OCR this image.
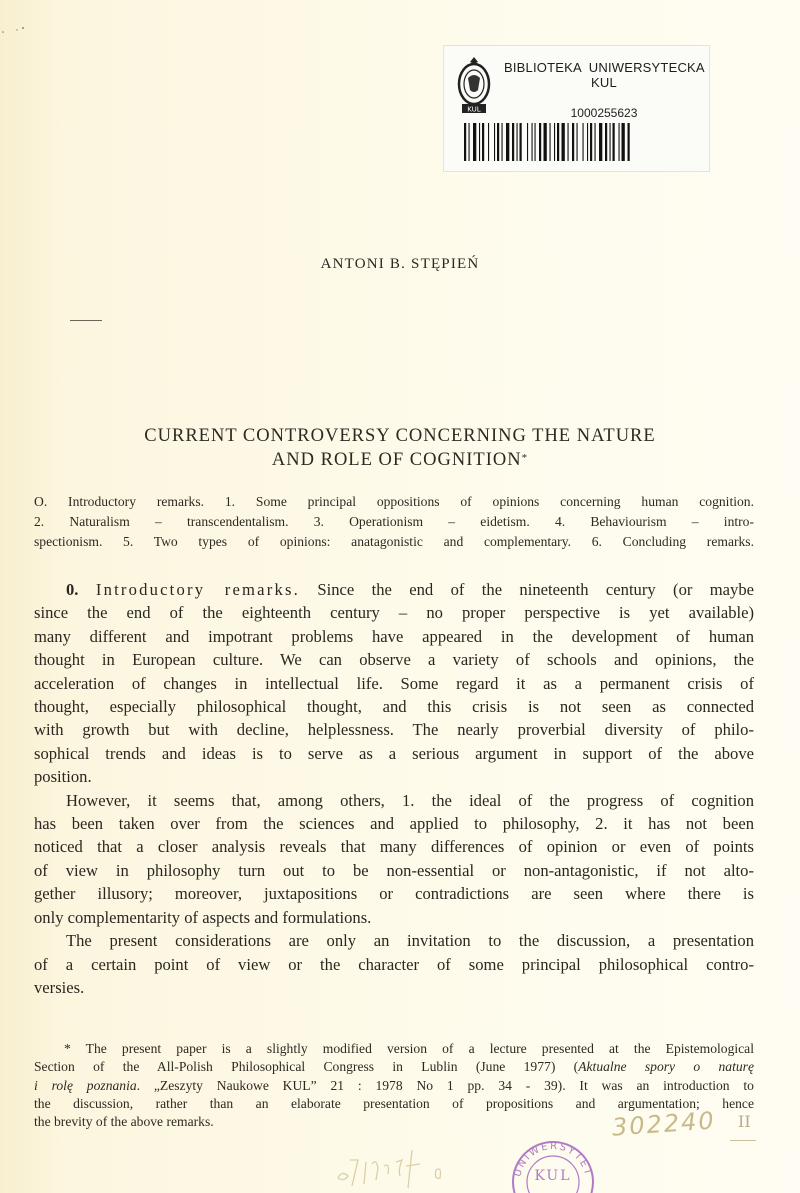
KUL
BIBLIOTEKA  UNIWERSYTECKA
KUL
1000255623
ANTONI B. STĘPIEŃ
CURRENT CONTROVERSY CONCERNING THE NATURE
AND ROLE OF COGNITION*
O. Introductory remarks. 1. Some principal oppositions of opinions concerning human cognition.
2. Naturalism – transcendentalism. 3. Operationism – eidetism. 4. Behaviourism – intro-
spectionism. 5. Two types of opinions: anatagonistic and complementary. 6. Concluding remarks.
0. Introductory remarks. Since the end of the nineteenth century (or maybe
since the end of the eighteenth century – no proper perspective is yet available)
many different and impotrant problems have appeared in the development of human
thought in European culture. We can observe a variety of schools and opinions, the
acceleration of changes in intellectual life. Some regard it as a permanent crisis of
thought, especially philosophical thought, and this crisis is not seen as connected
with growth but with decline, helplessness. The nearly proverbial diversity of philo-
sophical trends and ideas is to serve as a serious argument in support of the above
position.
However, it seems that, among others, 1. the ideal of the progress of cognition
has been taken over from the sciences and applied to philosophy, 2. it has not been
noticed that a closer analysis reveals that many differences of opinion or even of points
of view in philosophy turn out to be non-essential or non-antagonistic, if not alto-
gether illusory; moreover, juxtapositions or contradictions are seen where there is
only complementarity of aspects and formulations.
The present considerations are only an invitation to the discussion, a presentation
of a certain point of view or the character of some principal philosophical contro-
versies.
* The present paper is a slightly modified version of a lecture presented at the Epistemological
Section of the All-Polish Philosophical Congress in Lublin (June 1977) (Aktualne spory o naturę
i rolę poznania. „Zeszyty Naukowe KUL” 21 : 1978 No 1 pp. 34 - 39). It was an introduction to
the discussion, rather than an elaborate presentation of propositions and argumentation; hence
the brevity of the above remarks.	302240 II
UNIWERSYTET
KUL
